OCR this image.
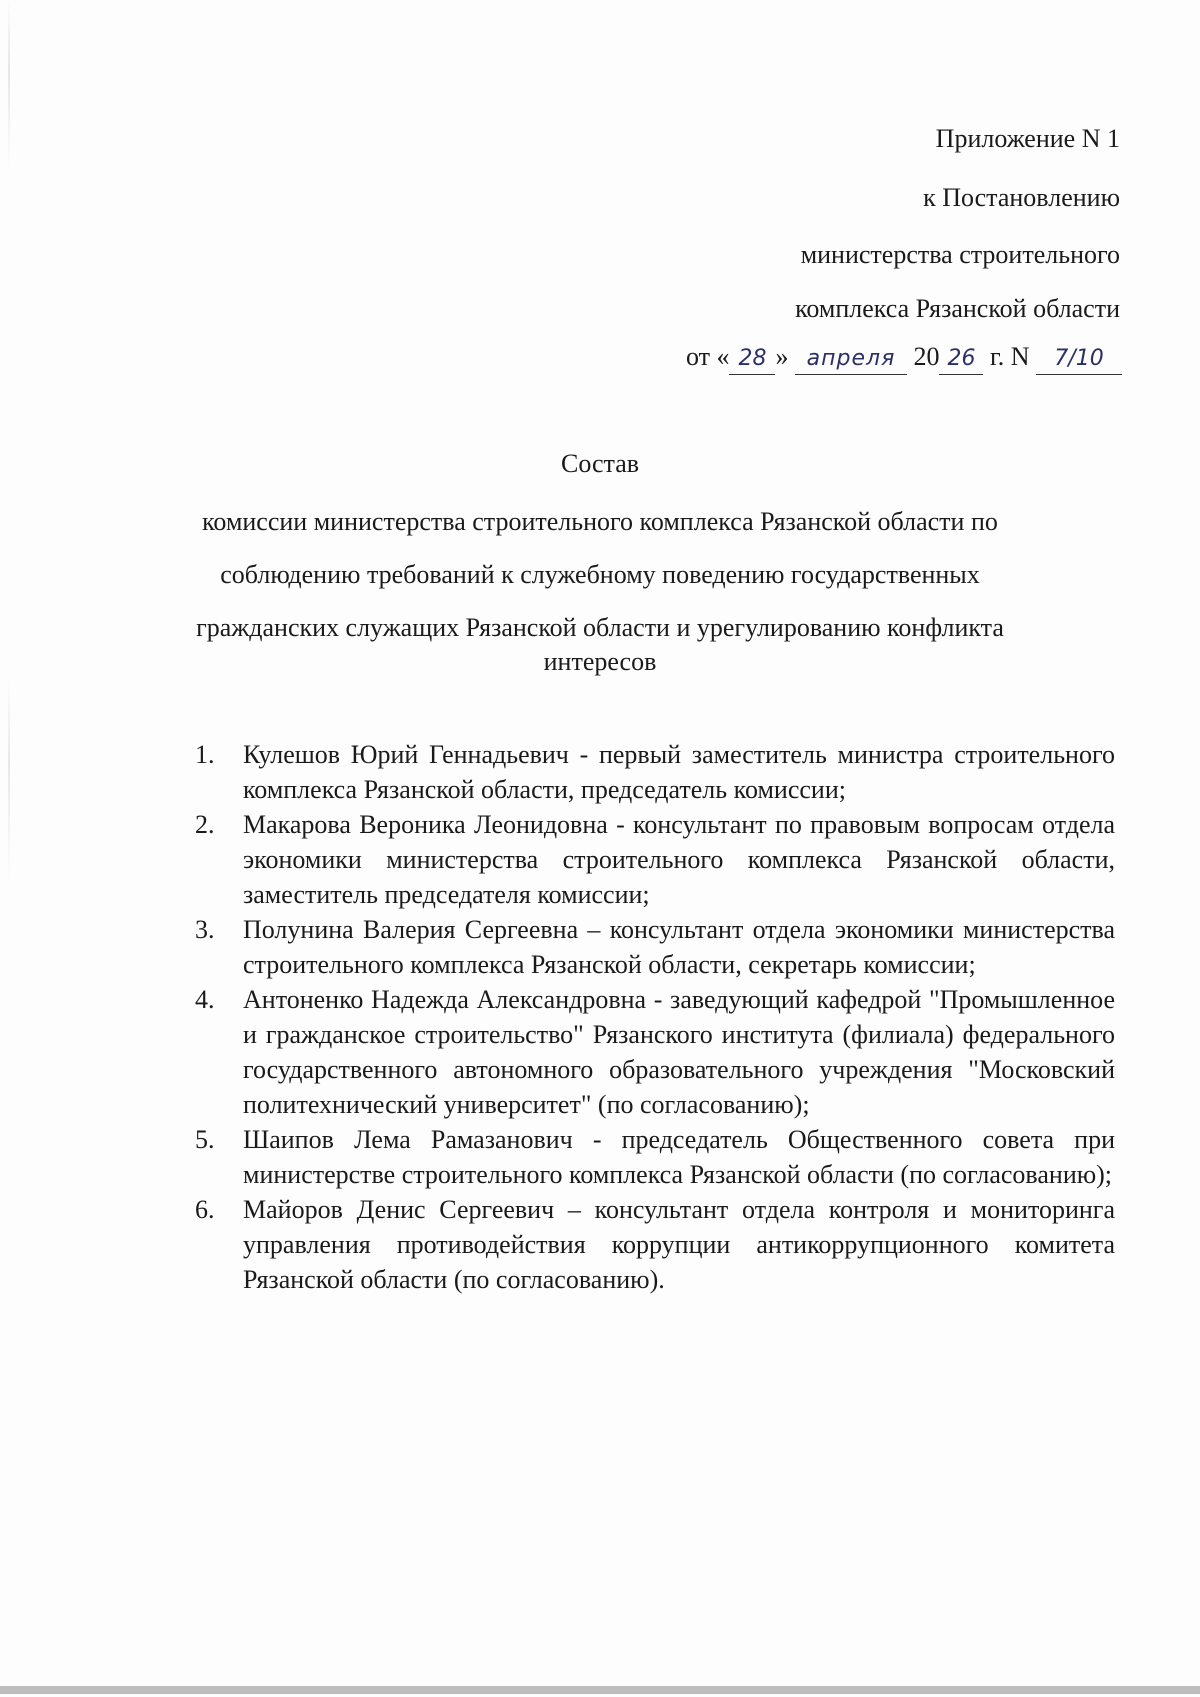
Приложение N 1
к Постановлению
министерства строительного
комплекса Рязанской области
от « 28 » апреля 20 26 г. N 7/10
Состав
комиссии министерства строительного комплекса Рязанской области по
соблюдению требований к служебному поведению государственных
гражданских служащих Рязанской области и урегулированию конфликта
интересов
1. Кулешов Юрий Геннадьевич - первый заместитель министра строительного комплекса Рязанской области, председатель комиссии;
2. Макарова Вероника Леонидовна - консультант по правовым вопросам отдела экономики министерства строительного комплекса Рязанской области, заместитель председателя комиссии;
3. Полунина Валерия Сергеевна – консультант отдела экономики министерства строительного комплекса Рязанской области, секретарь комиссии;
4. Антоненко Надежда Александровна - заведующий кафедрой "Промышленное и гражданское строительство" Рязанского института (филиала) федерального государственного автономного образовательного учреждения "Московский политехнический университет" (по согласованию);
5. Шаипов Лема Рамазанович - председатель Общественного совета при министерстве строительного комплекса Рязанской области (по согласованию);
6. Майоров Денис Сергеевич – консультант отдела контроля и мониторинга управления противодействия коррупции антикоррупционного комитета Рязанской области (по согласованию).
